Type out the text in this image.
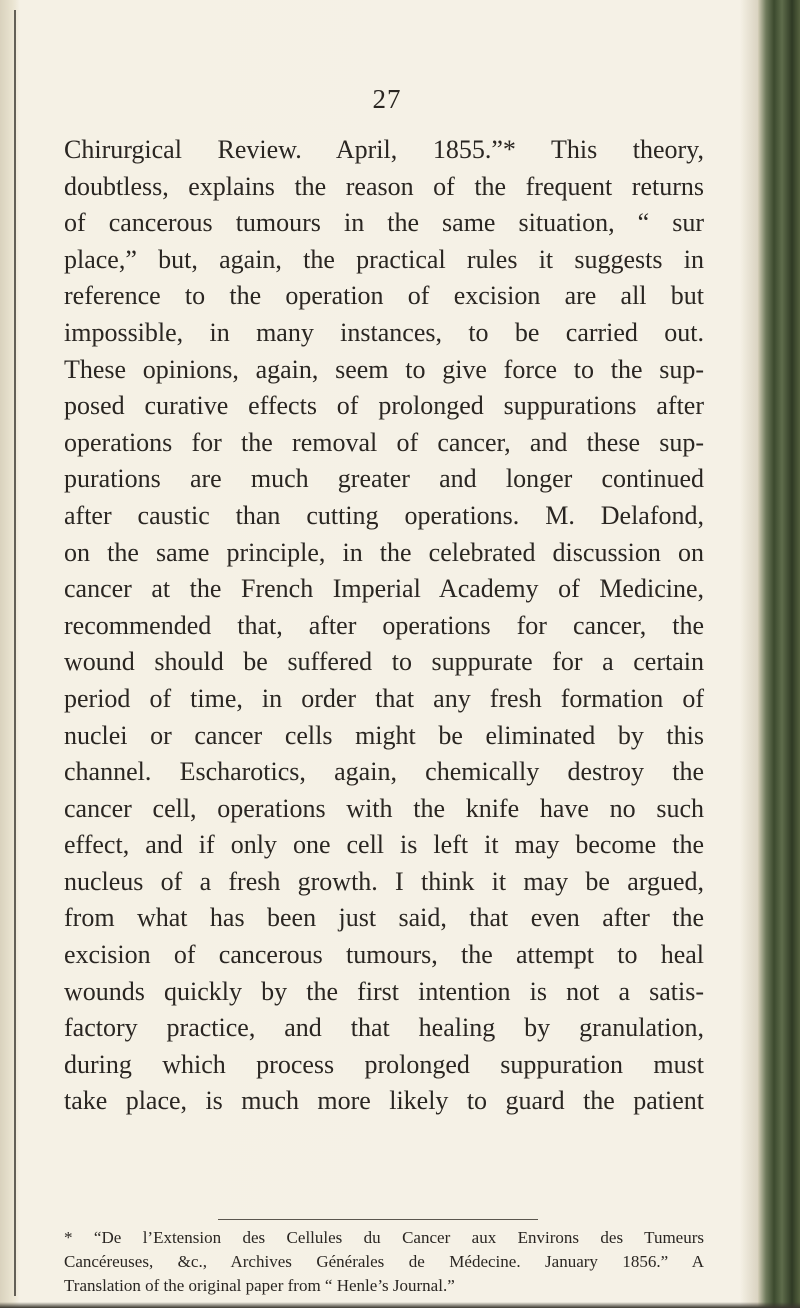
27
Chirurgical Review. April, 1855.”* This theory,
doubtless, explains the reason of the frequent returns
of cancerous tumours in the same situation, “ sur
place,” but, again, the practical rules it suggests in
reference to the operation of excision are all but
impossible, in many instances, to be carried out.
These opinions, again, seem to give force to the sup-
posed curative effects of prolonged suppurations after
operations for the removal of cancer, and these sup-
purations are much greater and longer continued
after caustic than cutting operations. M. Delafond,
on the same principle, in the celebrated discussion on
cancer at the French Imperial Academy of Medicine,
recommended that, after operations for cancer, the
wound should be suffered to suppurate for a certain
period of time, in order that any fresh formation of
nuclei or cancer cells might be eliminated by this
channel. Escharotics, again, chemically destroy the
cancer cell, operations with the knife have no such
effect, and if only one cell is left it may become the
nucleus of a fresh growth. I think it may be argued,
from what has been just said, that even after the
excision of cancerous tumours, the attempt to heal
wounds quickly by the first intention is not a satis-
factory practice, and that healing by granulation,
during which process prolonged suppuration must
take place, is much more likely to guard the patient
* “De l’Extension des Cellules du Cancer aux Environs des Tumeurs
Cancéreuses, &c., Archives Générales de Médecine. January 1856.” A
Translation of the original paper from “ Henle’s Journal.”
